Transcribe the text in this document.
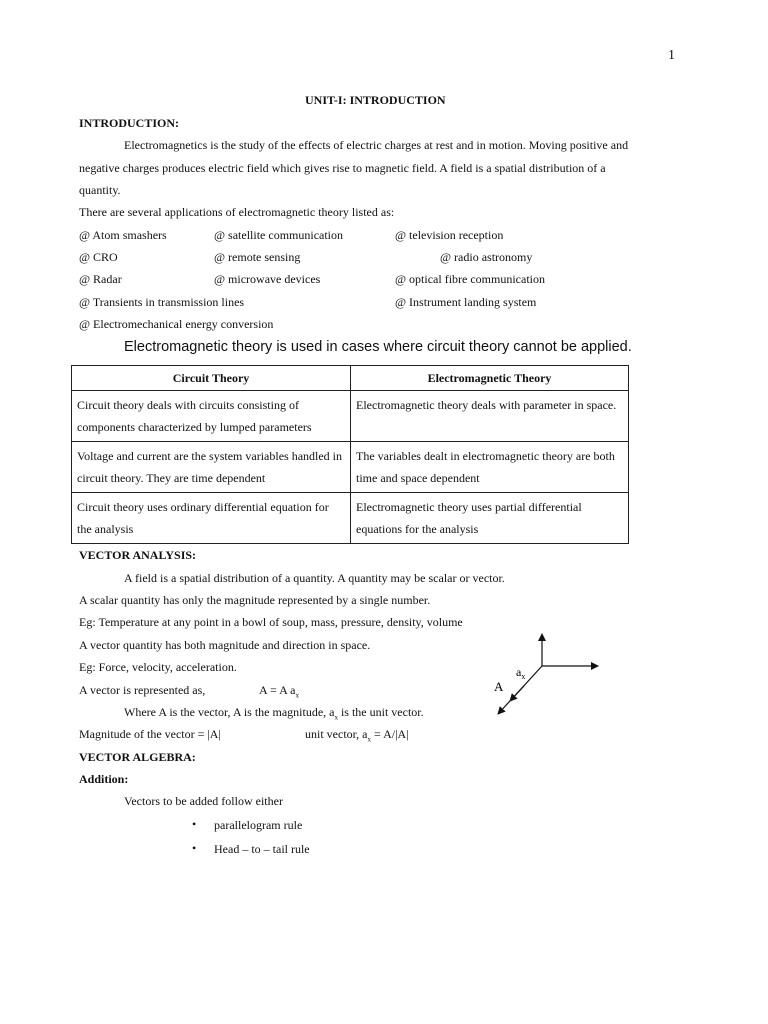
1
UNIT-I: INTRODUCTION
INTRODUCTION:
Electromagnetics is the study of the effects of electric charges at rest and in motion. Moving positive and
negative charges produces electric field which gives rise to magnetic field. A field is a spatial distribution of a
quantity.
There are several applications of electromagnetic theory listed as:
@ Atom smashers	@ satellite communication	@ television reception
@ CRO	@ remote sensing	@ radio astronomy
@ Radar	@ microwave devices	@ optical fibre communication
@ Transients in transmission lines	@ Instrument landing system
@ Electromechanical energy conversion
Electromagnetic theory is used in cases where circuit theory cannot be applied.
Circuit Theory	Electromagnetic Theory
Circuit theory deals with circuits consisting of components characterized by lumped parameters	Electromagnetic theory deals with parameter in space.
Voltage and current are the system variables handled in circuit theory. They are time dependent	The variables dealt in electromagnetic theory are both time and space dependent
Circuit theory uses ordinary differential equation for the analysis	Electromagnetic theory uses partial differential equations for the analysis
VECTOR ANALYSIS:
A field is a spatial distribution of a quantity. A quantity may be scalar or vector.
A scalar quantity has only the magnitude represented by a single number.
Eg: Temperature at any point in a bowl of soup, mass, pressure, density, volume
A vector quantity has both magnitude and direction in space.
Eg: Force, velocity, acceleration.
A vector is represented as,	A = A $a_x$
Where A is the vector, A is the magnitude, $a_x$ is the unit vector.
Magnitude of the vector = |A|	unit vector, $a_x = A/|A|$
$a_x$
A
VECTOR ALGEBRA:
Addition:
Vectors to be added follow either
• parallelogram rule
• Head – to – tail rule
